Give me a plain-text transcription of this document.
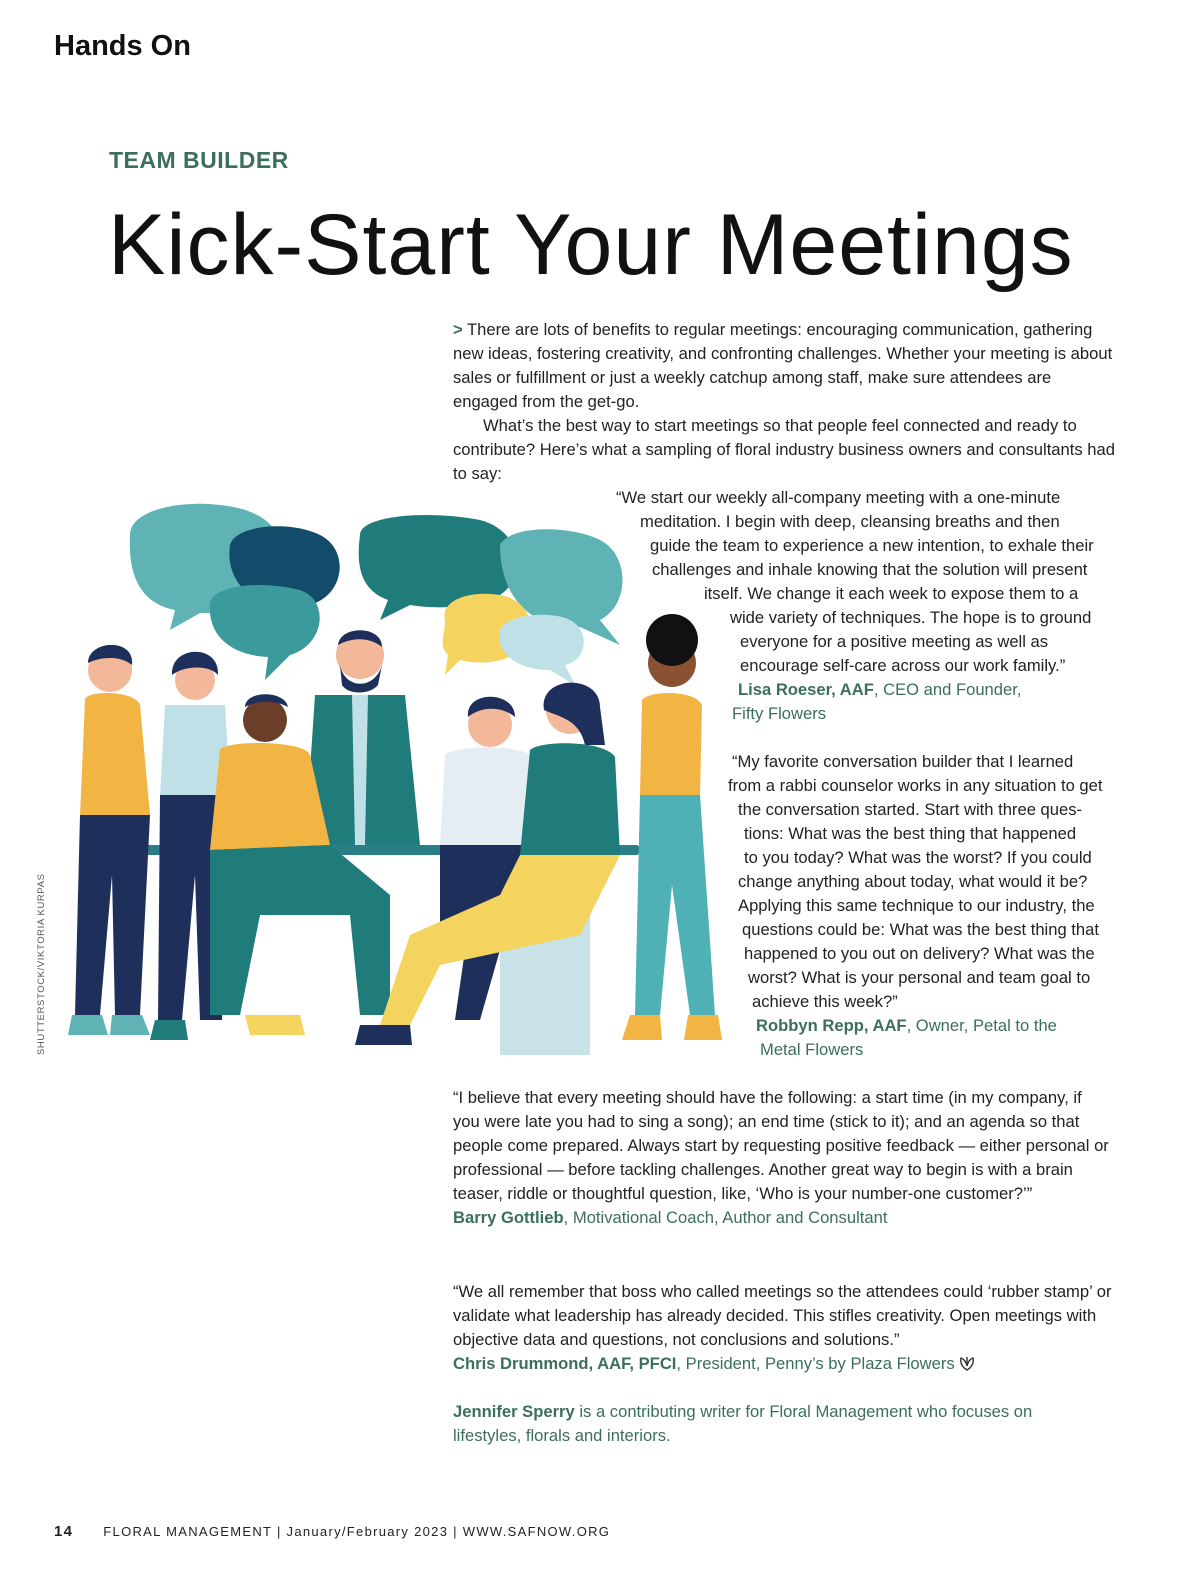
Hands On
TEAM BUILDER
Kick-Start Your Meetings

> There are lots of benefits to regular meetings: encouraging communication, gathering new ideas, fostering creativity, and confronting challenges. Whether your meeting is about sales or fulfillment or just a weekly catchup among staff, make sure attendees are engaged from the get-go.

What’s the best way to start meetings so that people feel connected and ready to contribute? Here’s what a sampling of floral industry business owners and consultants had to say:

“We start our weekly all-company meeting with a one-minute
meditation. I begin with deep, cleansing breaths and then
guide the team to experience a new intention, to exhale their
challenges and inhale knowing that the solution will present
itself. We change it each week to expose them to a
wide variety of techniques. The hope is to ground
everyone for a positive meeting as well as
encourage self-care across our work family.”
Lisa Roeser, AAF, CEO and Founder,
Fifty Flowers
“My favorite conversation builder that I learned
from a rabbi counselor works in any situation to get
the conversation started. Start with three ques-
tions: What was the best thing that happened
to you today? What was the worst? If you could
change anything about today, what would it be?
Applying this same technique to our industry, the
questions could be: What was the best thing that
happened to you out on delivery? What was the
worst? What is your personal and team goal to
achieve this week?”
Robbyn Repp, AAF, Owner, Petal to the
Metal Flowers

“I believe that every meeting should have the following: a start time (in my company, if you were late you had to sing a song); an end time (stick to it); and an agenda so that people come prepared. Always start by requesting positive feedback — either personal or professional — before tackling challenges. Another great way to begin is with a brain teaser, riddle or thoughtful question, like, ‘Who is your number-one customer?’”

Barry Gottlieb, Motivational Coach, Author and Consultant

“We all remember that boss who called meetings so the attendees could ‘rubber stamp’ or validate what leadership has already decided. This stifles creativity. Open meetings with objective data and questions, not conclusions and solutions.”

Chris Drummond, AAF, PFCI, President, Penny’s by Plaza Flowers

Jennifer Sperry is a contributing writer for Floral Management who focuses on lifestyles, florals and interiors.

SHUTTERSTOCK/VIKTORIA KURPAS
14 FLORAL MANAGEMENT | January/February 2023 | WWW.SAFNOW.ORG
